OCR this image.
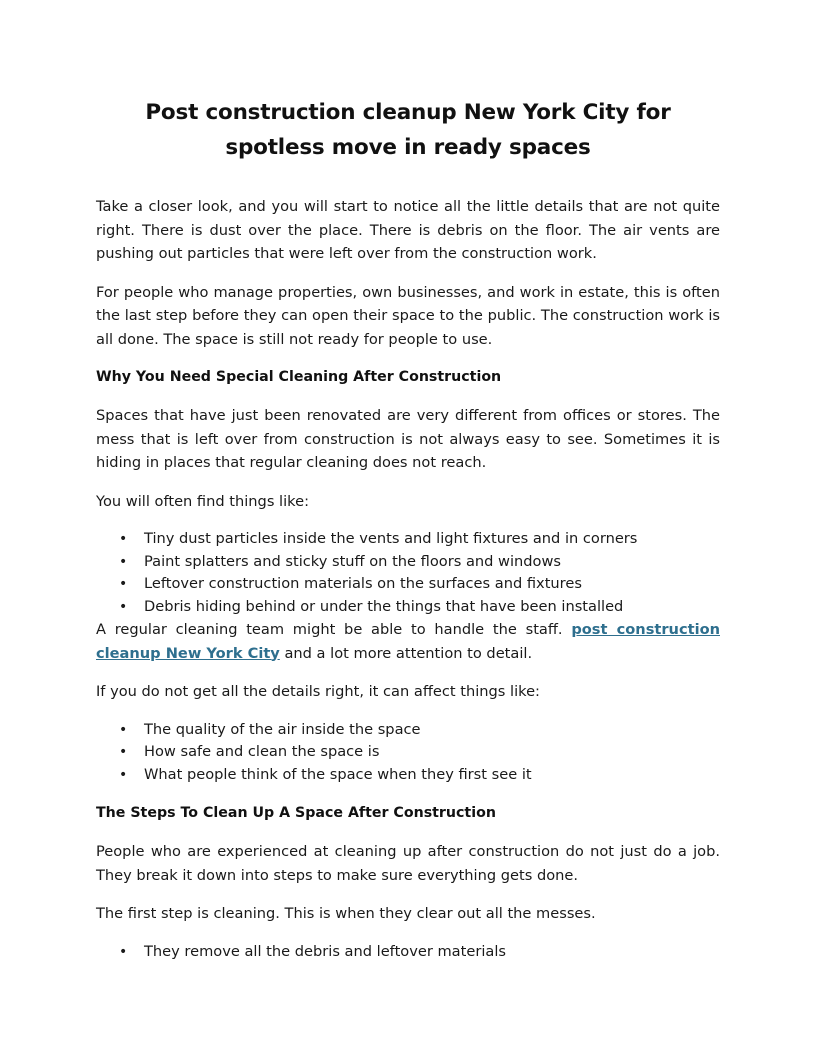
Post construction cleanup New York City for spotless move in ready spaces

Take a closer look, and you will start to notice all the little details that are not quite right. There is dust over the place. There is debris on the floor. The air vents are pushing out particles that were left over from the construction work.

For people who manage properties, own businesses, and work in estate, this is often the last step before they can open their space to the public. The construction work is all done. The space is still not ready for people to use.

Why You Need Special Cleaning After Construction

Spaces that have just been renovated are very different from offices or stores. The mess that is left over from construction is not always easy to see. Sometimes it is hiding in places that regular cleaning does not reach.

You will often find things like:

• Tiny dust particles inside the vents and light fixtures and in corners
• Paint splatters and sticky stuff on the floors and windows
• Leftover construction materials on the surfaces and fixtures
• Debris hiding behind or under the things that have been installed

A regular cleaning team might be able to handle the staff. post construction cleanup New York City and a lot more attention to detail.

If you do not get all the details right, it can affect things like:

• The quality of the air inside the space
• How safe and clean the space is
• What people think of the space when they first see it
The Steps To Clean Up A Space After Construction

People who are experienced at cleaning up after construction do not just do a job. They break it down into steps to make sure everything gets done.

The first step is cleaning. This is when they clear out all the messes.

• They remove all the debris and leftover materials
